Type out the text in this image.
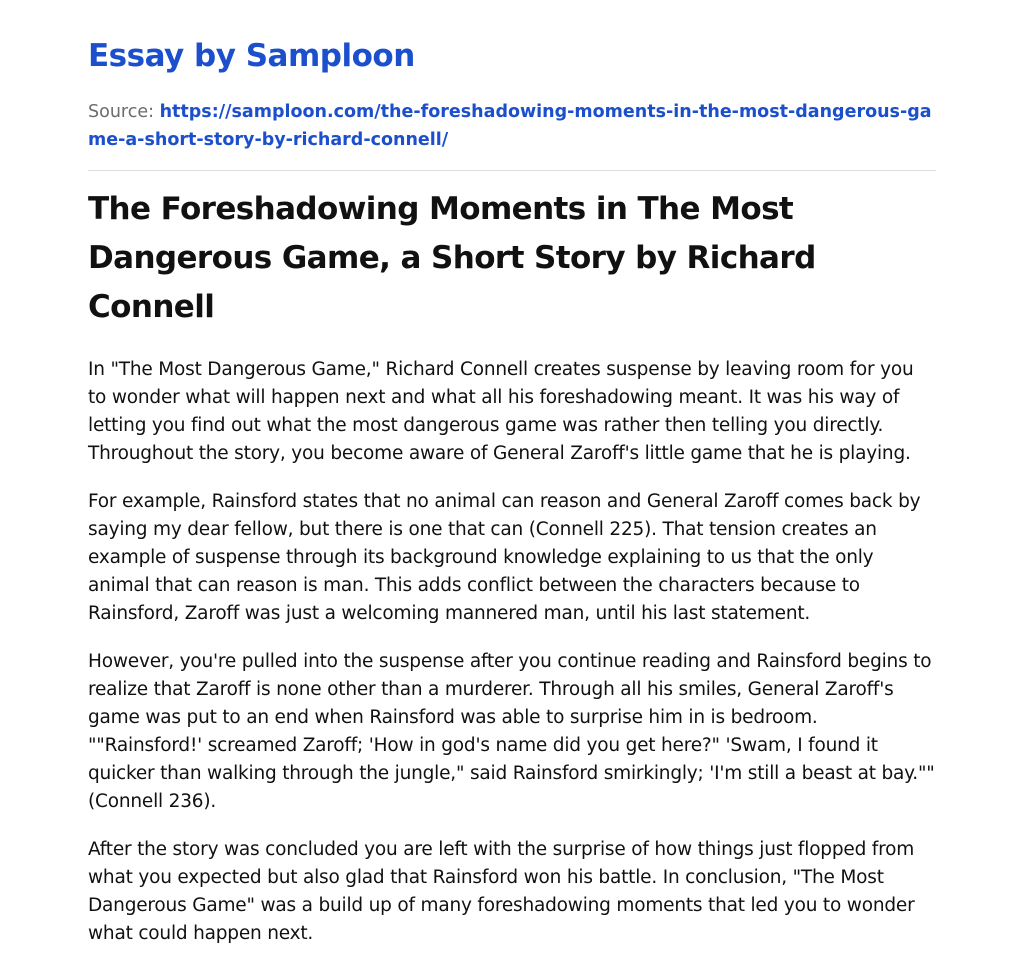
Essay by Samploon
Source: https://samploon.com/the-foreshadowing-moments-in-the-most-dangerous-game-a-short-story-by-richard-connell/
The Foreshadowing Moments in The Most Dangerous Game, a Short Story by Richard Connell

In "The Most Dangerous Game," Richard Connell creates suspense by leaving room for you to wonder what will happen next and what all his foreshadowing meant. It was his way of letting you find out what the most dangerous game was rather then telling you directly. Throughout the story, you become aware of General Zaroff's little game that he is playing.

For example, Rainsford states that no animal can reason and General Zaroff comes back by saying my dear fellow, but there is one that can (Connell 225). That tension creates an example of suspense through its background knowledge explaining to us that the only animal that can reason is man. This adds conflict between the characters because to Rainsford, Zaroff was just a welcoming mannered man, until his last statement.

However, you're pulled into the suspense after you continue reading and Rainsford begins to realize that Zaroff is none other than a murderer. Through all his smiles, General Zaroff's game was put to an end when Rainsford was able to surprise him in is bedroom. ""Rainsford!' screamed Zaroff; 'How in god's name did you get here?" 'Swam, I found it quicker than walking through the jungle," said Rainsford smirkingly; 'I'm still a beast at bay."" (Connell 236).

After the story was concluded you are left with the surprise of how things just flopped from what you expected but also glad that Rainsford won his battle. In conclusion, "The Most Dangerous Game" was a build up of many foreshadowing moments that led you to wonder what could happen next.
